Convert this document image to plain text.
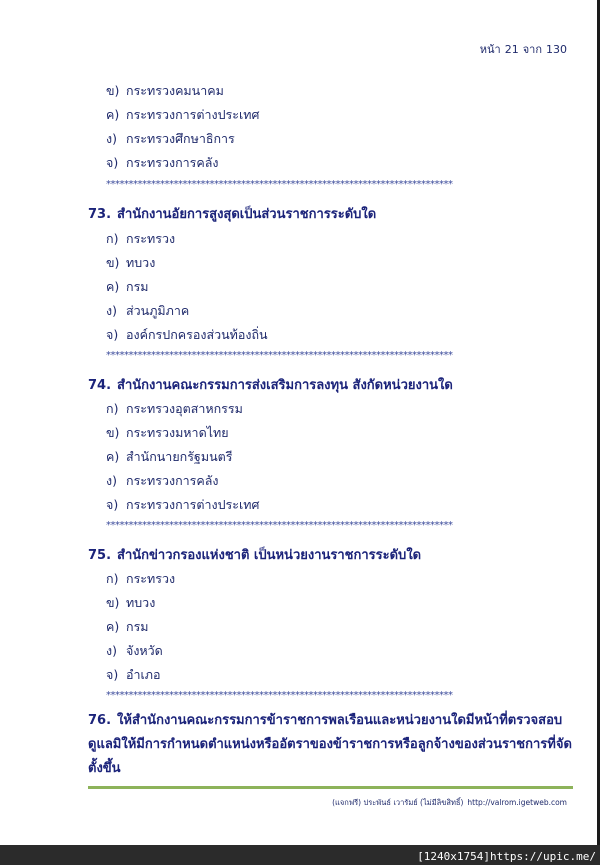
หน้า 21 จาก 130
ข) กระทรวงคมนาคม
ค) กระทรวงการต่างประเทศ
ง) กระทรวงศึกษาธิการ
จ) กระทรวงการคลัง
*****************************************************************************
73. สำนักงานอัยการสูงสุดเป็นส่วนราชการระดับใด
ก) กระทรวง
ข) ทบวง
ค) กรม
ง) ส่วนภูมิภาค
จ) องค์กรปกครองส่วนท้องถิ่น
*****************************************************************************
74. สำนักงานคณะกรรมการส่งเสริมการลงทุน สังกัดหน่วยงานใด
ก) กระทรวงอุตสาหกรรม
ข) กระทรวงมหาดไทย
ค) สำนักนายกรัฐมนตรี
ง) กระทรวงการคลัง
จ) กระทรวงการต่างประเทศ
*****************************************************************************
75. สำนักข่าวกรองแห่งชาติ เป็นหน่วยงานราชการระดับใด
ก) กระทรวง
ข) ทบวง
ค) กรม
ง) จังหวัด
จ) อำเภอ
*****************************************************************************
76. ให้สำนักงานคณะกรรมการข้าราชการพลเรือนและหน่วยงานใดมีหน้าที่ตรวจสอบดูแลมิให้มีการกำหนดตำแหน่งหรืออัตราของข้าราชการหรือลูกจ้างของส่วนราชการที่จัดตั้งขึ้น
(แจกฟรี) ประพันธ์ เวารัมย์ (ไม่มีลิขสิทธิ์) http://valrom.igetweb.com
[1240x1754]https://upic.me/
